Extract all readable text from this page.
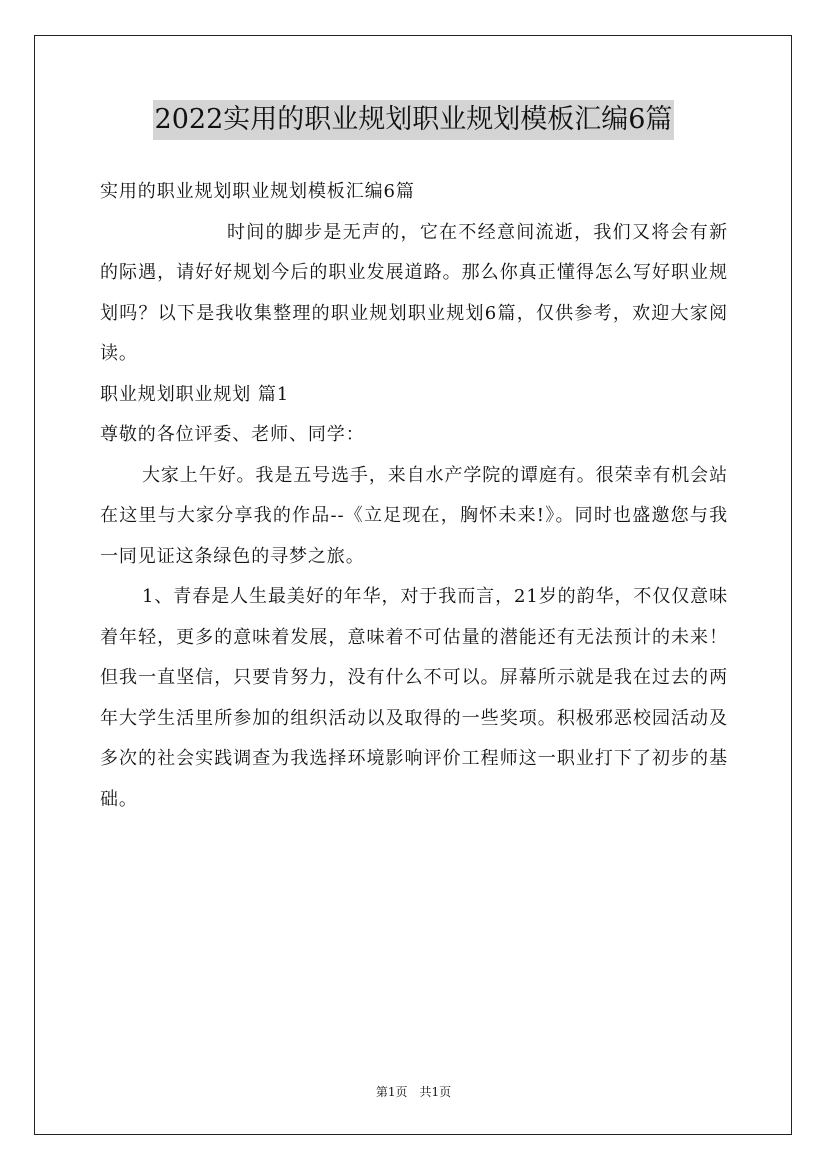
2022实用的职业规划职业规划模板汇编6篇

实用的职业规划职业规划模板汇编6篇

时间的脚步是无声的，它在不经意间流逝，我们又将会有新的际遇，请好好规划今后的职业发展道路。那么你真正懂得怎么写好职业规划吗？以下是我收集整理的职业规划职业规划6篇，仅供参考，欢迎大家阅读。

职业规划职业规划 篇1

尊敬的各位评委、老师、同学：

大家上午好。我是五号选手，来自水产学院的谭庭有。很荣幸有机会站在这里与大家分享我的作品--《立足现在，胸怀未来!》。同时也盛邀您与我一同见证这条绿色的寻梦之旅。

1、青春是人生最美好的年华，对于我而言，21岁的韵华，不仅仅意味着年轻，更多的意味着发展，意味着不可估量的潜能还有无法预计的未来！但我一直坚信，只要肯努力，没有什么不可以。屏幕所示就是我在过去的两年大学生活里所参加的组织活动以及取得的一些奖项。积极邪恶校园活动及多次的社会实践调查为我选择环境影响评价工程师这一职业打下了初步的基础。

第1页　共1页
